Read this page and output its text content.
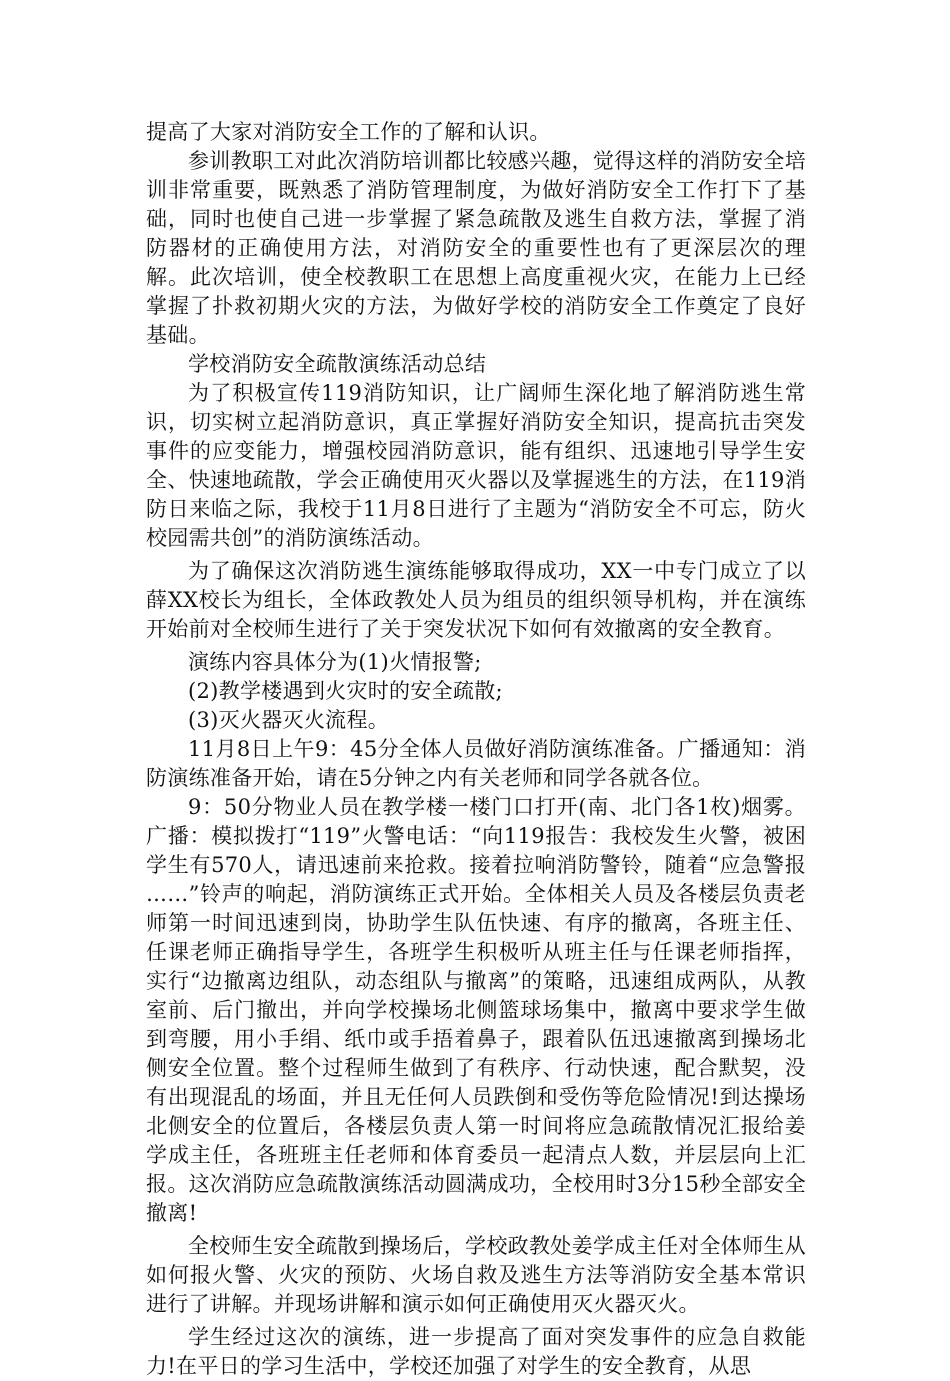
提高了大家对消防安全工作的了解和认识。

参训教职工对此次消防培训都比较感兴趣，觉得这样的消防安全培训非常重要，既熟悉了消防管理制度，为做好消防安全工作打下了基础，同时也使自己进一步掌握了紧急疏散及逃生自救方法，掌握了消防器材的正确使用方法，对消防安全的重要性也有了更深层次的理解。此次培训，使全校教职工在思想上高度重视火灾，在能力上已经掌握了扑救初期火灾的方法，为做好学校的消防安全工作奠定了良好基础。

学校消防安全疏散演练活动总结

为了积极宣传119消防知识，让广阔师生深化地了解消防逃生常识，切实树立起消防意识，真正掌握好消防安全知识，提高抗击突发事件的应变能力，增强校园消防意识，能有组织、迅速地引导学生安全、快速地疏散，学会正确使用灭火器以及掌握逃生的方法，在119消防日来临之际，我校于11月8日进行了主题为“消防安全不可忘，防火校园需共创”的消防演练活动。

为了确保这次消防逃生演练能够取得成功，XX一中专门成立了以薛XX校长为组长，全体政教处人员为组员的组织领导机构，并在演练开始前对全校师生进行了关于突发状况下如何有效撤离的安全教育。

演练内容具体分为(1)火情报警;

(2)教学楼遇到火灾时的安全疏散;

(3)灭火器灭火流程。

11月8日上午9：45分全体人员做好消防演练准备。广播通知：消防演练准备开始，请在5分钟之内有关老师和同学各就各位。

9：50分物业人员在教学楼一楼门口打开(南、北门各1枚)烟雾。广播：模拟拨打“119”火警电话：“向119报告：我校发生火警，被困学生有570人，请迅速前来抢救。接着拉响消防警铃，随着“应急警报 ……”铃声的响起，消防演练正式开始。全体相关人员及各楼层负责老师第一时间迅速到岗，协助学生队伍快速、有序的撤离，各班主任、任课老师正确指导学生，各班学生积极听从班主任与任课老师指挥，实行“边撤离边组队，动态组队与撤离”的策略，迅速组成两队，从教室前、后门撤出，并向学校操场北侧篮球场集中，撤离中要求学生做到弯腰，用小手绢、纸巾或手捂着鼻子，跟着队伍迅速撤离到操场北侧安全位置。整个过程师生做到了有秩序、行动快速，配合默契，没有出现混乱的场面，并且无任何人员跌倒和受伤等危险情况!到达操场北侧安全的位置后，各楼层负责人第一时间将应急疏散情况汇报给姜学成主任，各班班主任老师和体育委员一起清点人数，并层层向上汇报。这次消防应急疏散演练活动圆满成功，全校用时3分15秒全部安全撤离!

全校师生安全疏散到操场后，学校政教处姜学成主任对全体师生从如何报火警、火灾的预防、火场自救及逃生方法等消防安全基本常识进行了讲解。并现场讲解和演示如何正确使用灭火器灭火。

学生经过这次的演练，进一步提高了面对突发事件的应急自救能力!在平日的学习生活中，学校还加强了对学生的安全教育，从思
